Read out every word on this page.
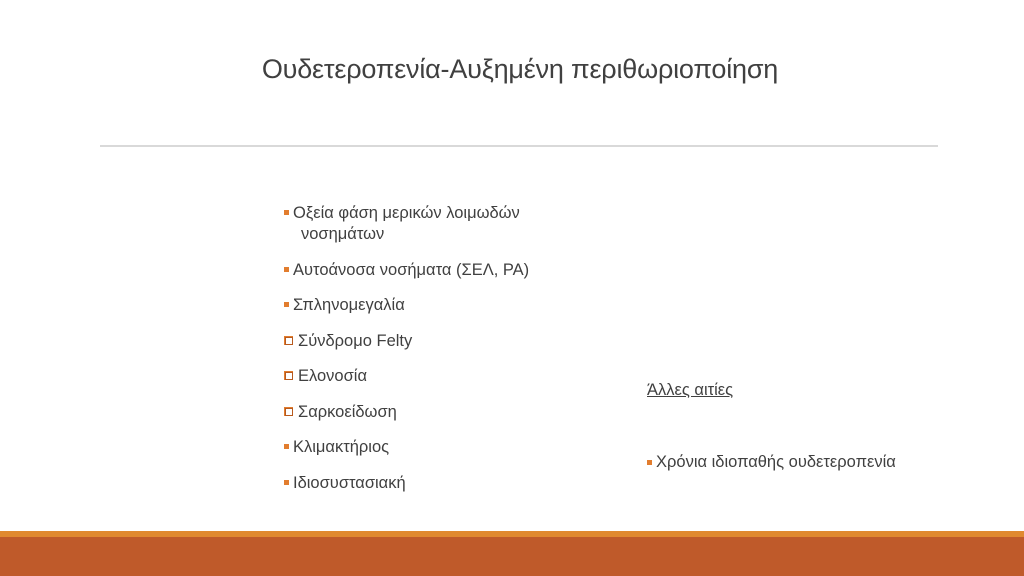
Ουδετεροπενία-Αυξημένη περιθωριοποίηση
Οξεία φάση μερικών λοιμωδών
νοσημάτων
Αυτοάνοσα νοσήματα (ΣΕΛ, ΡΑ)
Σπληνομεγαλία
Σύνδρομο Felty
Ελονοσία
Σαρκοείδωση
Κλιμακτήριος
Ιδιοσυστασιακή
Άλλες αιτίες
Χρόνια ιδιοπαθής ουδετεροπενία
